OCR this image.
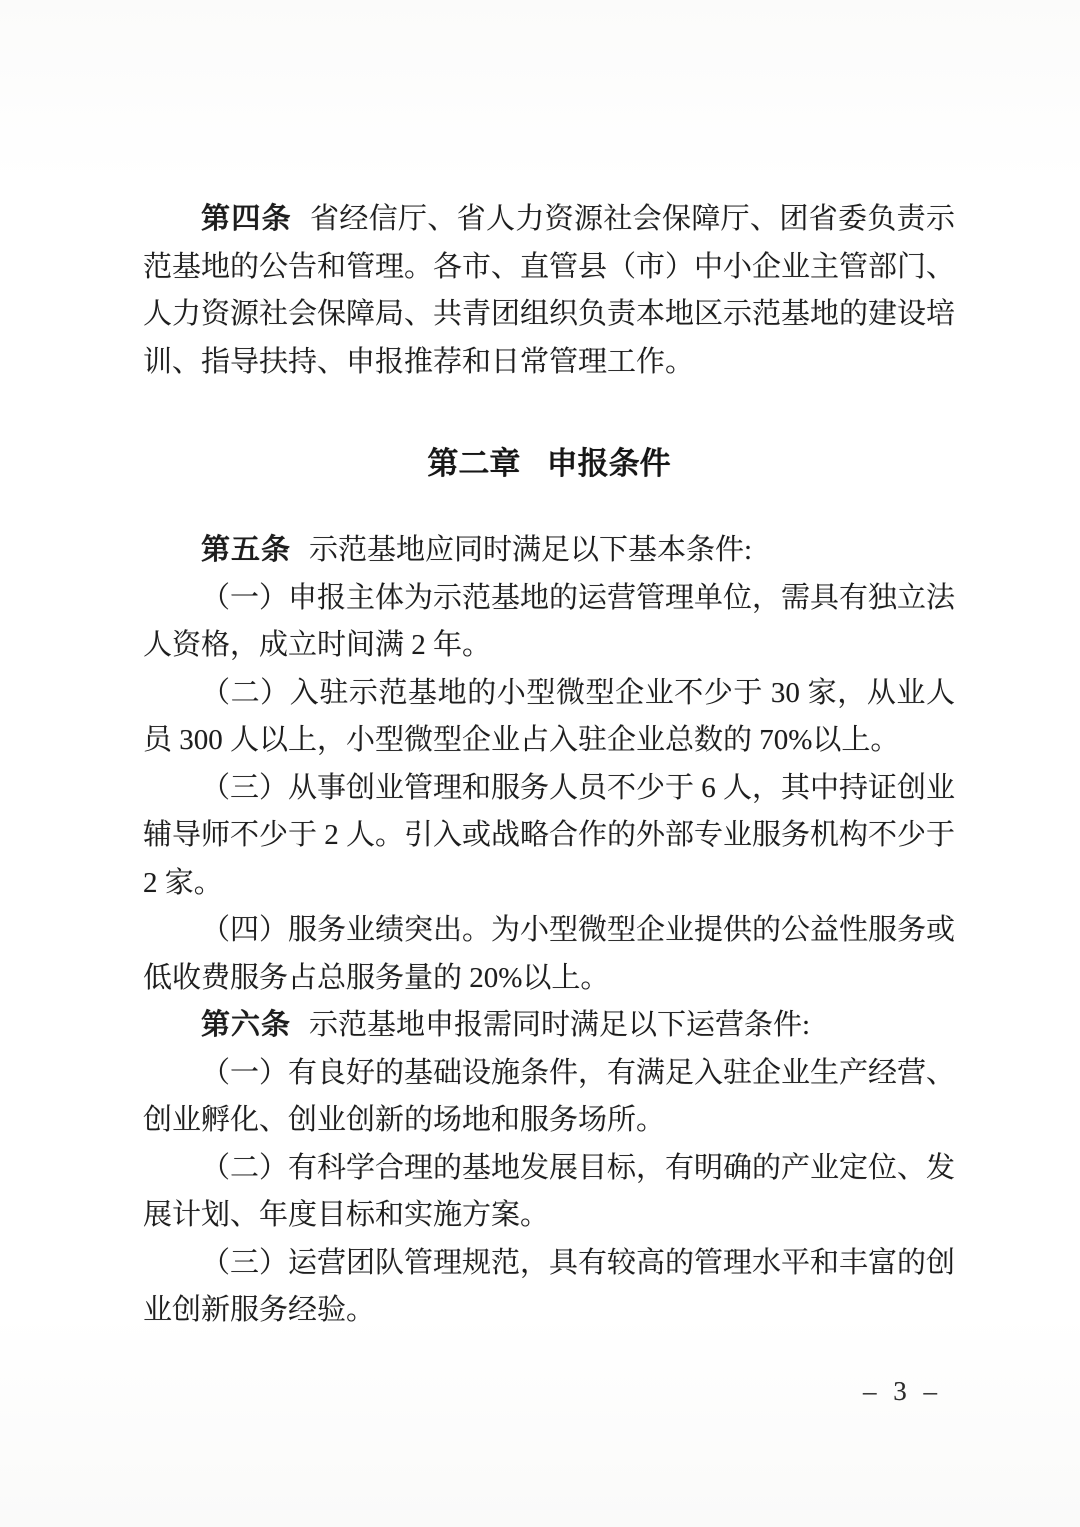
第四条 省经信厅、省人力资源社会保障厅、团省委负责示范基地的公告和管理。各市、直管县（市）中小企业主管部门、人力资源社会保障局、共青团组织负责本地区示范基地的建设培训、指导扶持、申报推荐和日常管理工作。

第二章 申报条件

第五条 示范基地应同时满足以下基本条件:

（一）申报主体为示范基地的运营管理单位，需具有独立法人资格，成立时间满 2 年。

（二）入驻示范基地的小型微型企业不少于 30 家，从业人员 300 人以上，小型微型企业占入驻企业总数的 70%以上。

（三）从事创业管理和服务人员不少于 6 人，其中持证创业辅导师不少于 2 人。引入或战略合作的外部专业服务机构不少于 2 家。

（四）服务业绩突出。为小型微型企业提供的公益性服务或低收费服务占总服务量的 20%以上。

第六条 示范基地申报需同时满足以下运营条件:

（一）有良好的基础设施条件，有满足入驻企业生产经营、创业孵化、创业创新的场地和服务场所。

（二）有科学合理的基地发展目标，有明确的产业定位、发展计划、年度目标和实施方案。

（三）运营团队管理规范，具有较高的管理水平和丰富的创业创新服务经验。

– 3 –
